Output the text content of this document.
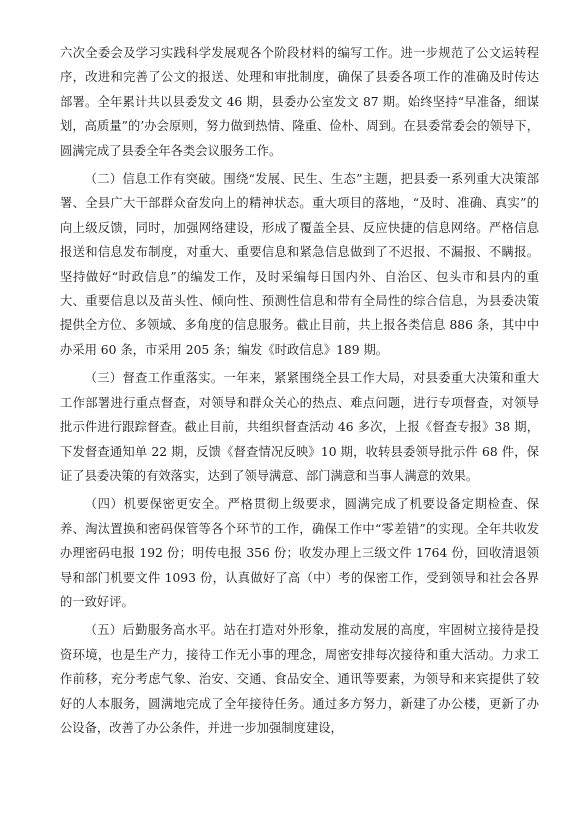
六次全委会及学习实践科学发展观各个阶段材料的编写工作。进一步规范了公文运转程序，改进和完善了公文的报送、处理和审批制度，确保了县委各项工作的准确及时传达部署。全年累计共以县委发文 46 期，县委办公室发文 87 期。始终坚持“早准备，细谋划，高质量”的’办会原则，努力做到热情、隆重、俭朴、周到。在县委常委会的领导下，圆满完成了县委全年各类会议服务工作。

（二）信息工作有突破。围绕“发展、民生、生态”主题，把县委一系列重大决策部署、全县广大干部群众奋发向上的精神状态。重大项目的落地，“及时、准确、真实”的向上级反馈，同时，加强网络建设，形成了覆盖全县、反应快捷的信息网络。严格信息报送和信息发布制度，对重大、重要信息和紧急信息做到了不迟报、不漏报、不瞒报。坚持做好“时政信息”的编发工作，及时采编每日国内外、自治区、包头市和县内的重大、重要信息以及苗头性、倾向性、预测性信息和带有全局性的综合信息，为县委决策提供全方位、多领域、多角度的信息服务。截止目前，共上报各类信息 886 条，其中中办采用 60 条，市采用 205 条；编发《时政信息》189 期。

（三）督查工作重落实。一年来，紧紧围绕全县工作大局，对县委重大决策和重大工作部署进行重点督查，对领导和群众关心的热点、难点问题，进行专项督查，对领导批示件进行跟踪督查。截止目前，共组织督查活动 46 多次，上报《督查专报》38 期，下发督查通知单 22 期，反馈《督查情况反映》10 期，收转县委领导批示件 68 件，保证了县委决策的有效落实，达到了领导满意、部门满意和当事人满意的效果。

（四）机要保密更安全。严格贯彻上级要求，圆满完成了机要设备定期检查、保养、淘汰置换和密码保管等各个环节的工作，确保工作中“零差错”的实现。全年共收发办理密码电报 192 份；明传电报 356 份；收发办理上三级文件 1764 份，回收清退领导和部门机要文件 1093 份，认真做好了高（中）考的保密工作，受到领导和社会各界的一致好评。

（五）后勤服务高水平。站在打造对外形象，推动发展的高度，牢固树立接待是投资环境，也是生产力，接待工作无小事的理念，周密安排每次接待和重大活动。力求工作前移，充分考虑气象、治安、交通、食品安全、通讯等要素，为领导和来宾提供了较好的人本服务，圆满地完成了全年接待任务。通过多方努力，新建了办公楼，更新了办公设备，改善了办公条件，并进一步加强制度建设，
